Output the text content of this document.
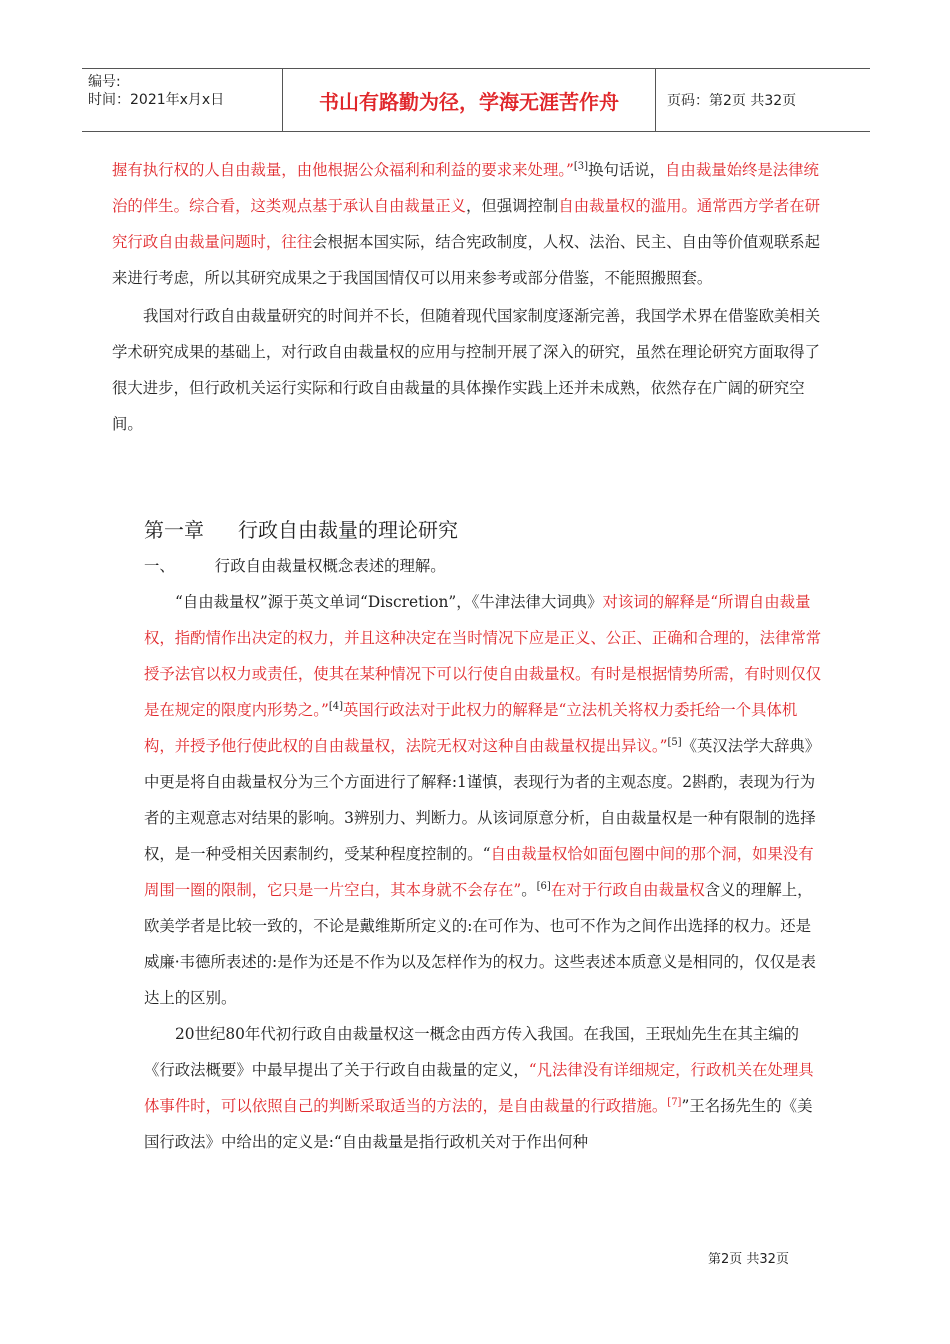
编号:
时间：2021年x月x日	书山有路勤为径，学海无涯苦作舟	页码：第2页 共32页

握有执行权的人自由裁量，由他根据公众福利和利益的要求来处理。”[3]换句话说，自由裁量始终是法律统治的伴生。综合看，这类观点基于承认自由裁量正义，但强调控制自由裁量权的滥用。通常西方学者在研究行政自由裁量问题时，往往会根据本国实际，结合宪政制度，人权、法治、民主、自由等价值观联系起来进行考虑，所以其研究成果之于我国国情仅可以用来参考或部分借鉴，不能照搬照套。

我国对行政自由裁量研究的时间并不长，但随着现代国家制度逐渐完善，我国学术界在借鉴欧美相关学术研究成果的基础上，对行政自由裁量权的应用与控制开展了深入的研究，虽然在理论研究方面取得了很大进步，但行政机关运行实际和行政自由裁量的具体操作实践上还并未成熟，依然存在广阔的研究空间。

第一章 行政自由裁量的理论研究
一、	行政自由裁量权概念表述的理解。

“自由裁量权”源于英文单词“Discretion”，《牛津法律大词典》对该词的解释是“所谓自由裁量权，指酌情作出决定的权力，并且这种决定在当时情况下应是正义、公正、正确和合理的，法律常常授予法官以权力或责任，使其在某种情况下可以行使自由裁量权。有时是根据情势所需，有时则仅仅是在规定的限度内形势之。”[4]英国行政法对于此权力的解释是“立法机关将权力委托给一个具体机构，并授予他行使此权的自由裁量权，法院无权对这种自由裁量权提出异议。”[5]《英汉法学大辞典》中更是将自由裁量权分为三个方面进行了解释:1谨慎，表现行为者的主观态度。2斟酌，表现为行为者的主观意志对结果的影响。3辨别力、判断力。从该词原意分析，自由裁量权是一种有限制的选择权，是一种受相关因素制约，受某种程度控制的。“自由裁量权恰如面包圈中间的那个洞，如果没有周围一圈的限制，它只是一片空白，其本身就不会存在”。[6]在对于行政自由裁量权含义的理解上，欧美学者是比较一致的，不论是戴维斯所定义的:在可作为、也可不作为之间作出选择的权力。还是威廉·韦德所表述的:是作为还是不作为以及怎样作为的权力。这些表述本质意义是相同的，仅仅是表达上的区别。

20世纪80年代初行政自由裁量权这一概念由西方传入我国。在我国，王珉灿先生在其主编的《行政法概要》中最早提出了关于行政自由裁量的定义，“凡法律没有详细规定，行政机关在处理具体事件时，可以依照自己的判断采取适当的方法的，是自由裁量的行政措施。[7]”王名扬先生的《美国行政法》中给出的定义是:“自由裁量是指行政机关对于作出何种

第2页 共32页
